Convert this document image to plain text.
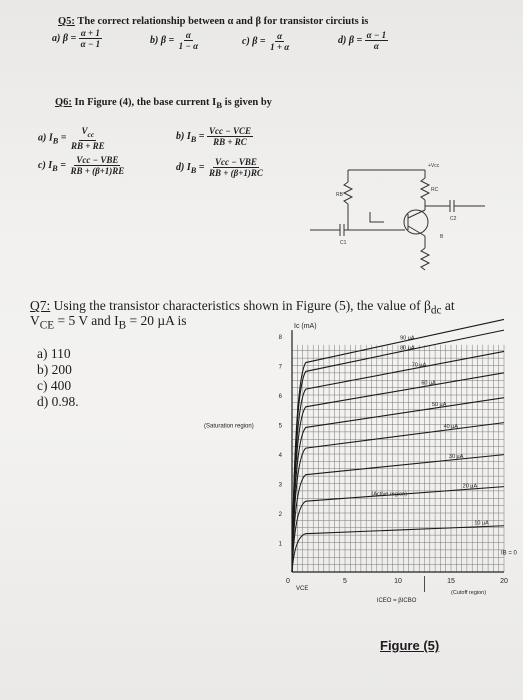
Q5: The correct relationship between α and β for transistor circiuts is
a) $\beta = \frac{\alpha + 1}{\alpha - 1}$	b) $\beta = \frac{\alpha}{1 - \alpha}$	c) $\beta = \frac{\alpha}{1 + \alpha}$	d) $\beta = \frac{\alpha - 1}{\alpha}$
Q6: In Figure (4), the base current $I_B$ is given by
a) $I_B = \frac{V_{cc}}{RB + RE}$	b) $I_B = \frac{\text{Vcc − VCE}}{RB + RC}$
c) $I_B = \frac{\text{Vcc − VBE}}{RB + (\beta+1)RE}$	d) $I_B = \frac{\text{Vcc − VBE}}{RB + (\beta+1)RC}$	+Vcc
RB
RC
C1
C2
B
Q7: Using the transistor characteristics shown in Figure (5), the value of $\beta_{dc}$ at
$V_{CE} = 5$ V and $I_B = 20$ µA is
a) 110
b) 200
c) 400
d) 0.98.
1
2
3
4
5
6
7
8
0	5	10	15	20
Ic (mA)
VCE
90 µA
80 µA
70 µA
60 µA
50 µA
40 µA
30 µA
20 µA
10 µA
(Saturation region)
(Active region)
(Cutoff region)
ICEO = βICBO
IB = 0
Figure (5)
